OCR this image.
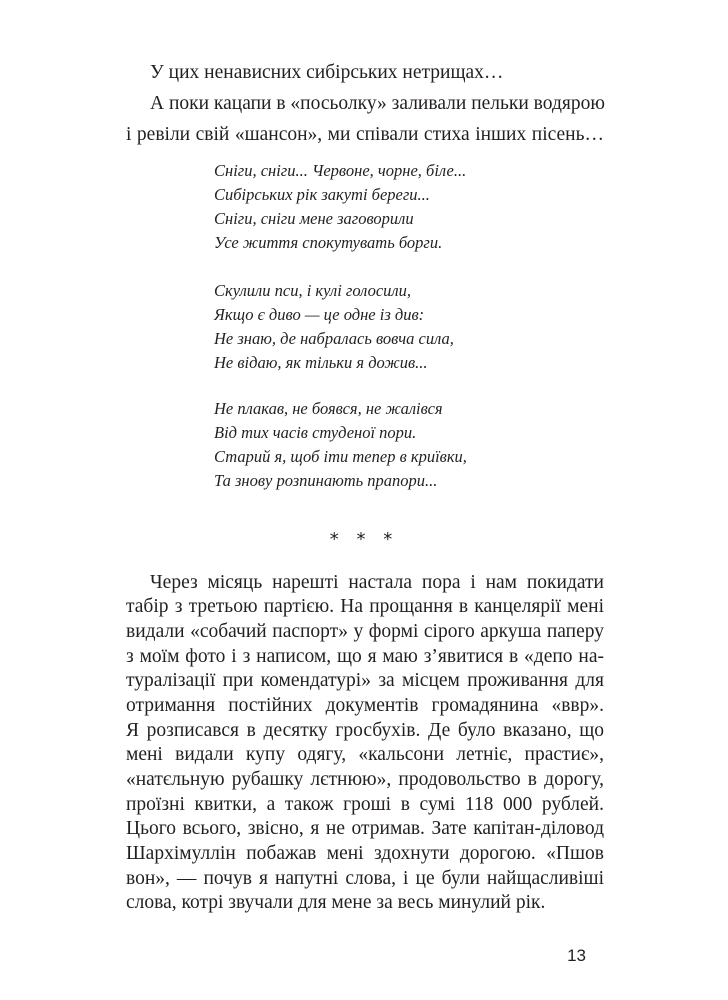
У цих ненависних сибірських нетрищах…
А поки кацапи в «посьолку» заливали пельки водярою
і ревіли свій «шансон», ми співали стиха інших пісень…
Сніги, сніги... Червоне, чорне, біле...
Сибірських рік закуті береги...
Сніги, сніги мене заговорили
Усе життя спокутувать борги.
Скулили пси, і кулі голосили,
Якщо є диво — це одне із див:
Не знаю, де набралась вовча сила,
Не відаю, як тільки я дожив...
Не плакав, не боявся, не жалівся
Від тих часів студеної пори.
Старий я, щоб іти тепер в криївки,
Та знову розпинають прапори...
* * *
Через місяць нарешті настала пора і нам покидати
табір з третьою партією. На прощання в канцелярії мені
видали «собачий паспорт» у формі сірого аркуша паперу
з моїм фото і з написом, що я маю з’явитися в «депо на-
туралізації при комендатурі» за місцем проживання для
отримання постійних документів громадянина «ввр».
Я розписався в десятку гросбухів. Де було вказано, що
мені видали купу одягу, «кальсони летніє, прастиє»,
«натєльную рубашку лєтнюю», продовольство в дорогу,
проїзні квитки, а також гроші в сумі 118 000 рублей.
Цього всього, звісно, я не отримав. Зате капітан-діловод
Шархімуллін побажав мені здохнути дорогою. «Пшов
вон», — почув я напутні слова, і це були найщасливіші
слова, котрі звучали для мене за весь минулий рік.
13
